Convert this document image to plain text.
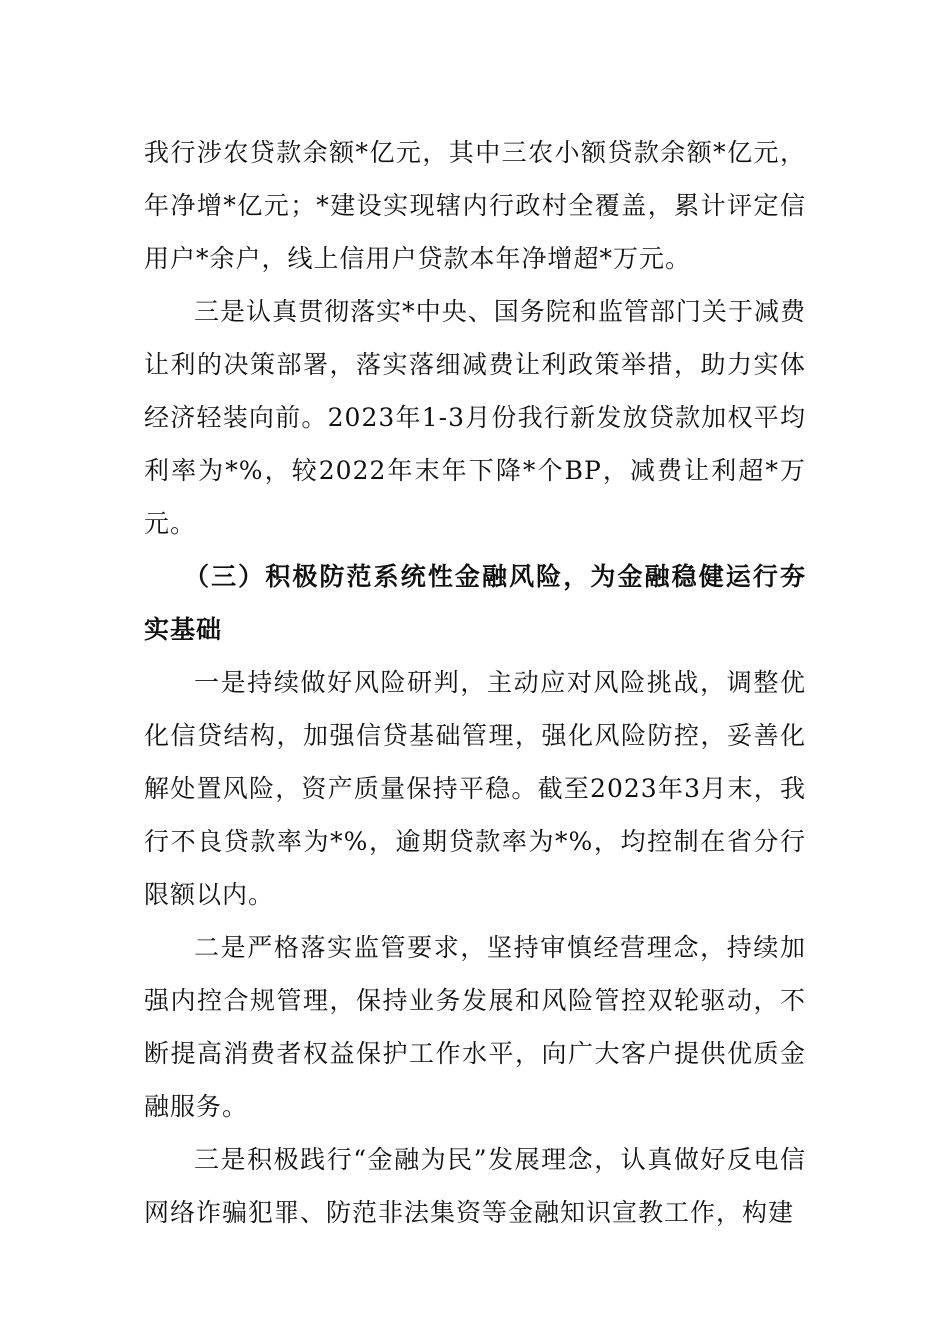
我行涉农贷款余额*亿元，其中三农小额贷款余额*亿元，年净增*亿元；*建设实现辖内行政村全覆盖，累计评定信用户*余户，线上信用户贷款本年净增超*万元。

三是认真贯彻落实*中央、国务院和监管部门关于减费让利的决策部署，落实落细减费让利政策举措，助力实体经济轻装向前。2023年1-3月份我行新发放贷款加权平均利率为*%，较2022年末年下降*个BP，减费让利超*万元。

（三）积极防范系统性金融风险，为金融稳健运行夯实基础

一是持续做好风险研判，主动应对风险挑战，调整优化信贷结构，加强信贷基础管理，强化风险防控，妥善化解处置风险，资产质量保持平稳。截至2023年3月末，我行不良贷款率为*%，逾期贷款率为*%，均控制在省分行限额以内。

二是严格落实监管要求，坚持审慎经营理念，持续加强内控合规管理，保持业务发展和风险管控双轮驱动，不断提高消费者权益保护工作水平，向广大客户提供优质金融服务。

三是积极践行“金融为民”发展理念，认真做好反电信网络诈骗犯罪、防范非法集资等金融知识宣教工作，构建
